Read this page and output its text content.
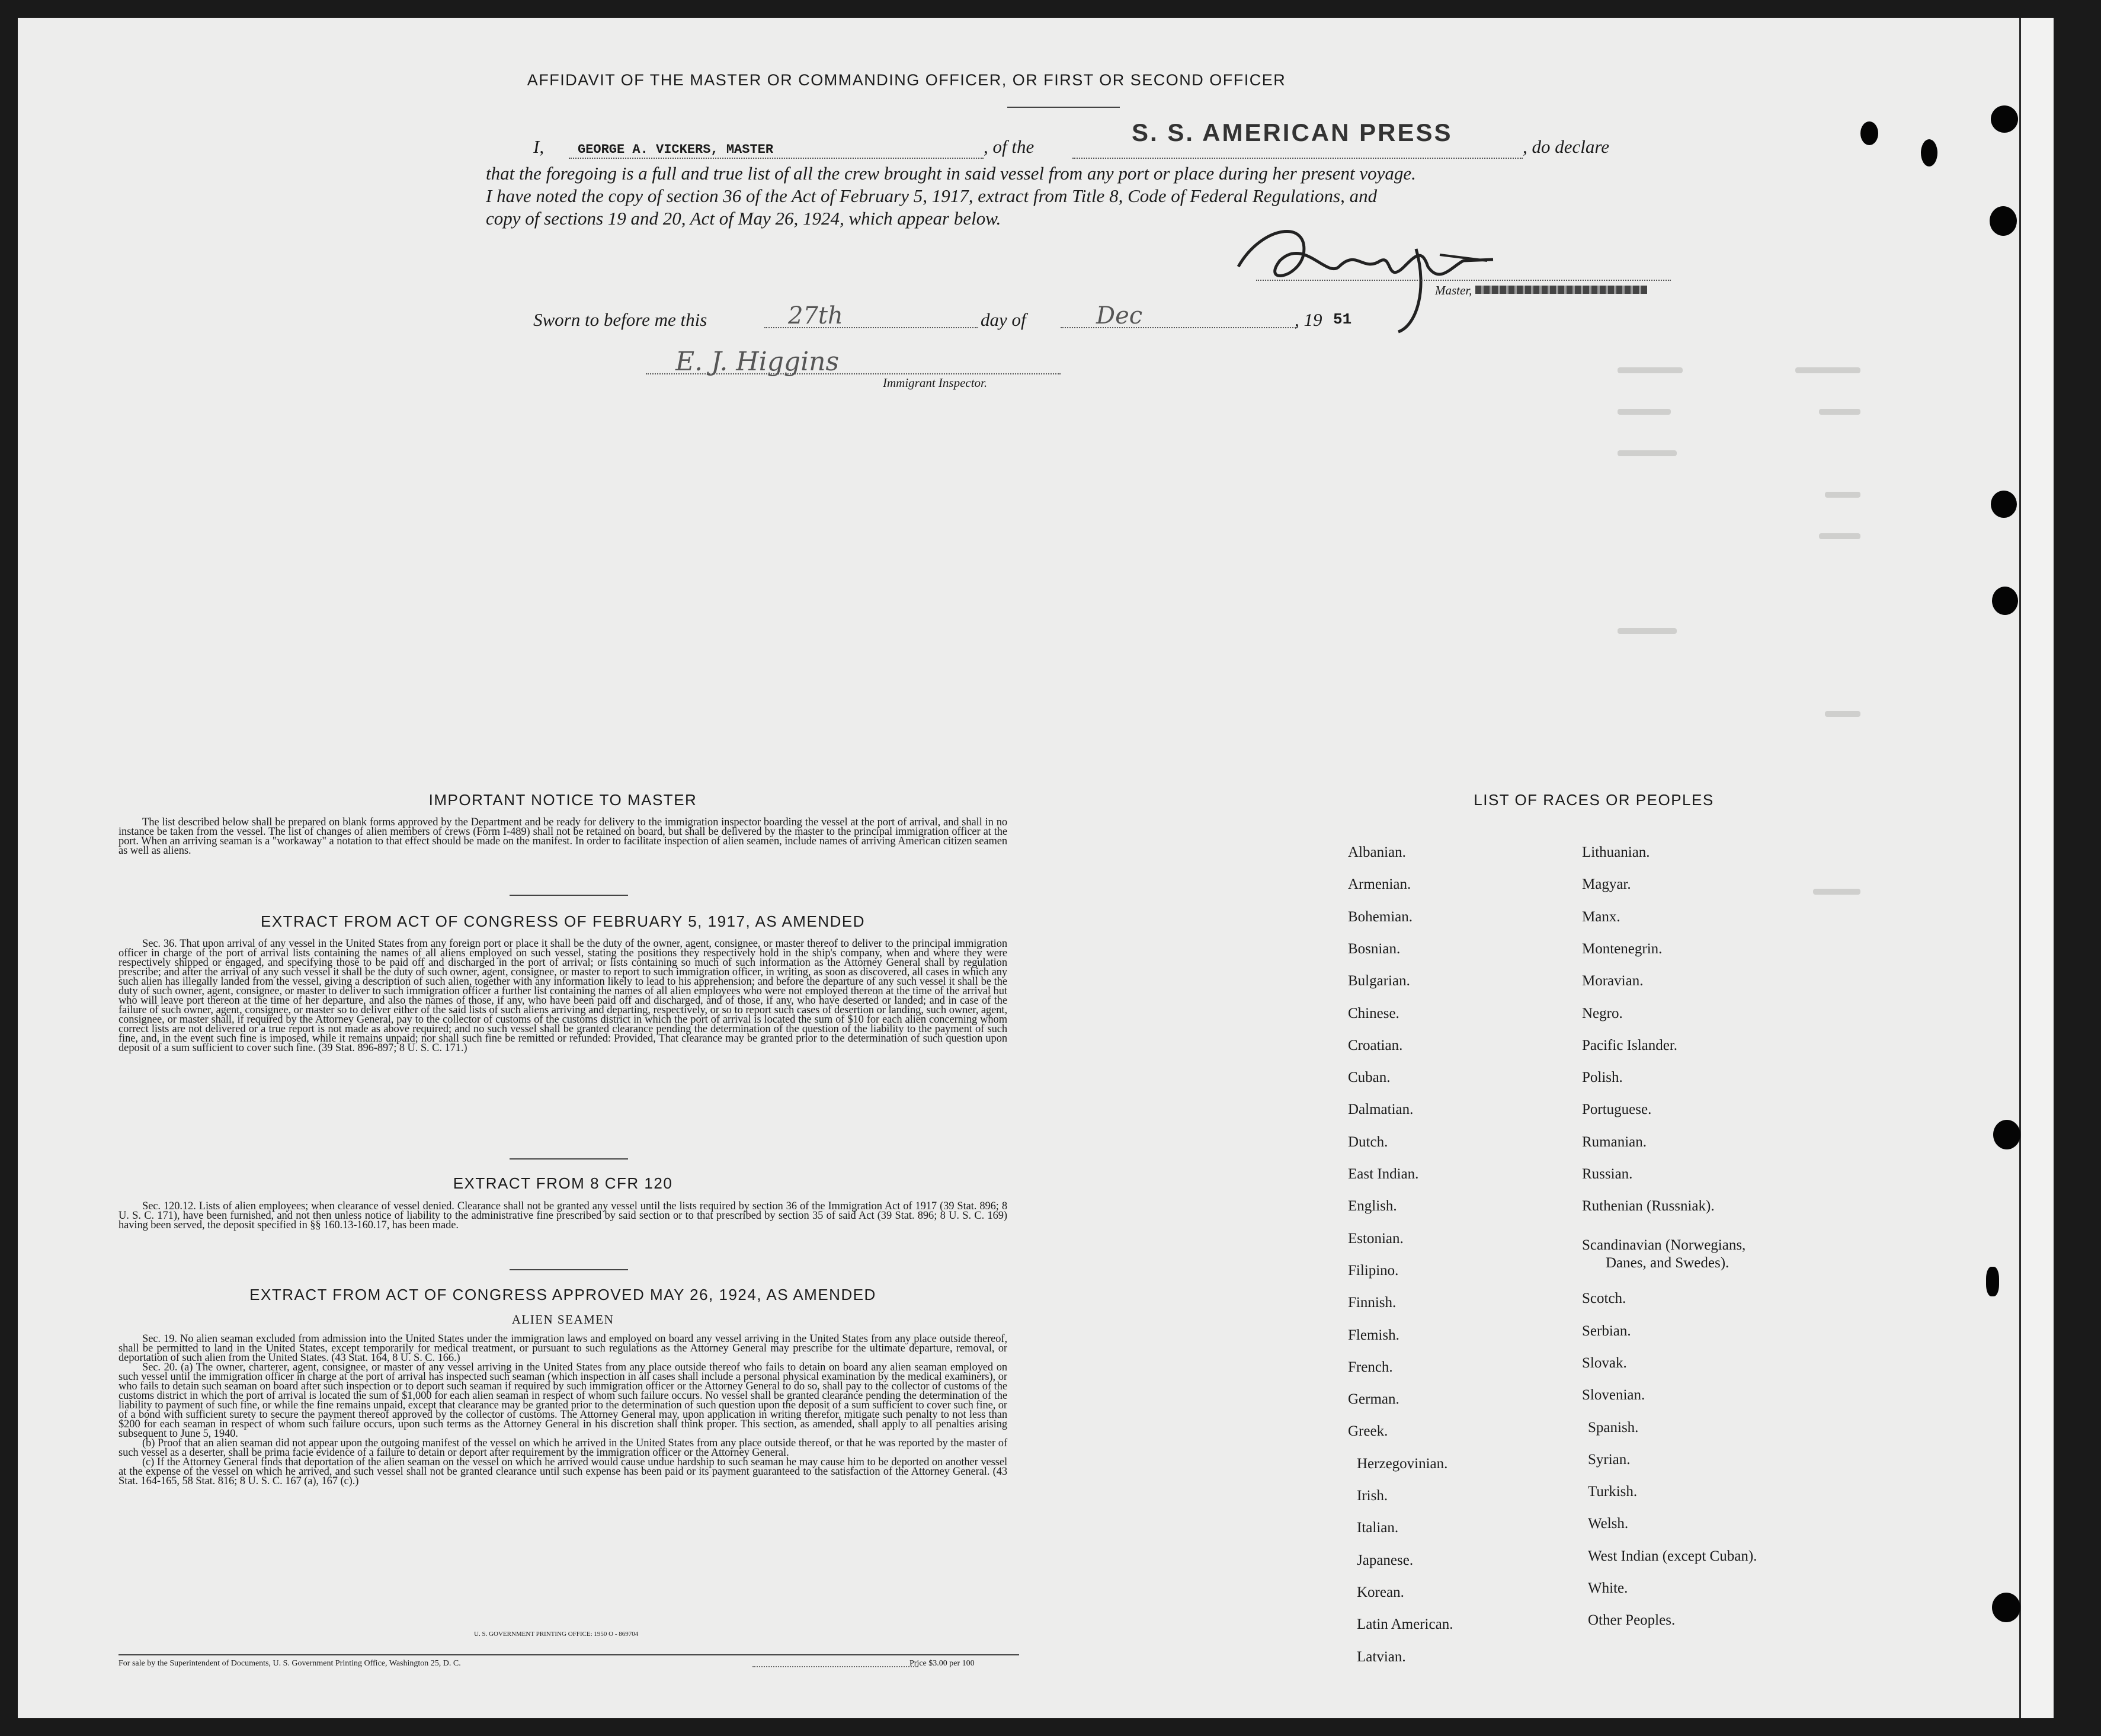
AFFIDAVIT OF THE MASTER OR COMMANDING OFFICER, OR FIRST OR SECOND OFFICER
I,	GEORGE A. VICKERS, MASTER	, of the
S. S. AMERICAN PRESS
, do declare
that the foregoing is a full and true list of all the crew brought in said vessel from any port or place during her present voyage.
I have noted the copy of section 36 of the Act of February 5, 1917, extract from Title 8, Code of Federal Regulations, and
copy of sections 19 and 20, Act of May 26, 1924, which appear below.
Master,
Sworn to before me this	27th	day of	Dec	, 19 51
E. J. Higgins
Immigrant Inspector.
IMPORTANT NOTICE TO MASTER

The list described below shall be prepared on blank forms approved by the Department and be ready for delivery to the immigration inspector boarding the vessel at the port of arrival, and shall in no instance be taken from the vessel. The list of changes of alien members of crews (Form I-489) shall not be retained on board, but shall be delivered by the master to the principal immigration officer at the port. When an arriving seaman is a "workaway" a notation to that effect should be made on the manifest. In order to facilitate inspection of alien seamen, include names of arriving American citizen seamen as well as aliens.

EXTRACT FROM ACT OF CONGRESS OF FEBRUARY 5, 1917, AS AMENDED

Sec. 36. That upon arrival of any vessel in the United States from any foreign port or place it shall be the duty of the owner, agent, consignee, or master thereof to deliver to the principal immigration officer in charge of the port of arrival lists containing the names of all aliens employed on such vessel, stating the positions they respectively hold in the ship's company, when and where they were respectively shipped or engaged, and specifying those to be paid off and discharged in the port of arrival; or lists containing so much of such information as the Attorney General shall by regulation prescribe; and after the arrival of any such vessel it shall be the duty of such owner, agent, consignee, or master to report to such immigration officer, in writing, as soon as discovered, all cases in which any such alien has illegally landed from the vessel, giving a description of such alien, together with any information likely to lead to his apprehension; and before the departure of any such vessel it shall be the duty of such owner, agent, consignee, or master to deliver to such immigration officer a further list containing the names of all alien employees who were not employed thereon at the time of the arrival but who will leave port thereon at the time of her departure, and also the names of those, if any, who have been paid off and discharged, and of those, if any, who have deserted or landed; and in case of the failure of such owner, agent, consignee, or master so to deliver either of the said lists of such aliens arriving and departing, respectively, or so to report such cases of desertion or landing, such owner, agent, consignee, or master shall, if required by the Attorney General, pay to the collector of customs of the customs district in which the port of arrival is located the sum of $10 for each alien concerning whom correct lists are not delivered or a true report is not made as above required; and no such vessel shall be granted clearance pending the determination of the question of the liability to the payment of such fine, and, in the event such fine is imposed, while it remains unpaid; nor shall such fine be remitted or refunded: Provided, That clearance may be granted prior to the determination of such question upon deposit of a sum sufficient to cover such fine. (39 Stat. 896-897; 8 U. S. C. 171.)

EXTRACT FROM 8 CFR 120

Sec. 120.12. Lists of alien employees; when clearance of vessel denied. Clearance shall not be granted any vessel until the lists required by section 36 of the Immigration Act of 1917 (39 Stat. 896; 8 U. S. C. 171), have been furnished, and not then unless notice of liability to the administrative fine prescribed by said section or to that prescribed by section 35 of said Act (39 Stat. 896; 8 U. S. C. 169) having been served, the deposit specified in §§ 160.13-160.17, has been made.

EXTRACT FROM ACT OF CONGRESS APPROVED MAY 26, 1924, AS AMENDED
ALIEN SEAMEN

Sec. 19. No alien seaman excluded from admission into the United States under the immigration laws and employed on board any vessel arriving in the United States from any place outside thereof, shall be permitted to land in the United States, except temporarily for medical treatment, or pursuant to such regulations as the Attorney General may prescribe for the ultimate departure, removal, or deportation of such alien from the United States. (43 Stat. 164, 8 U. S. C. 166.)

Sec. 20. (a) The owner, charterer, agent, consignee, or master of any vessel arriving in the United States from any place outside thereof who fails to detain on board any alien seaman employed on such vessel until the immigration officer in charge at the port of arrival has inspected such seaman (which inspection in all cases shall include a personal physical examination by the medical examiners), or who fails to detain such seaman on board after such inspection or to deport such seaman if required by such immigration officer or the Attorney General to do so, shall pay to the collector of customs of the customs district in which the port of arrival is located the sum of $1,000 for each alien seaman in respect of whom such failure occurs. No vessel shall be granted clearance pending the determination of the liability to payment of such fine, or while the fine remains unpaid, except that clearance may be granted prior to the determination of such question upon the deposit of a sum sufficient to cover such fine, or of a bond with sufficient surety to secure the payment thereof approved by the collector of customs. The Attorney General may, upon application in writing therefor, mitigate such penalty to not less than $200 for each seaman in respect of whom such failure occurs, upon such terms as the Attorney General in his discretion shall think proper. This section, as amended, shall apply to all penalties arising subsequent to June 5, 1940.

(b) Proof that an alien seaman did not appear upon the outgoing manifest of the vessel on which he arrived in the United States from any place outside thereof, or that he was reported by the master of such vessel as a deserter, shall be prima facie evidence of a failure to detain or deport after requirement by the immigration officer or the Attorney General.

(c) If the Attorney General finds that deportation of the alien seaman on the vessel on which he arrived would cause undue hardship to such seaman he may cause him to be deported on another vessel at the expense of the vessel on which he arrived, and such vessel shall not be granted clearance until such expense has been paid or its payment guaranteed to the satisfaction of the Attorney General. (43 Stat. 164-165, 58 Stat. 816; 8 U. S. C. 167 (a), 167 (c).)

U. S. GOVERNMENT PRINTING OFFICE: 1950 O - 869704
For sale by the Superintendent of Documents, U. S. Government Printing Office, Washington 25, D. C.	Price $3.00 per 100
LIST OF RACES OR PEOPLES
Albanian.
Armenian.
Bohemian.
Bosnian.
Bulgarian.
Chinese.
Croatian.
Cuban.
Dalmatian.
Dutch.
East Indian.
English.
Estonian.
Filipino.
Finnish.
Flemish.
French.
German.
Greek.
Herzegovinian.
Irish.
Italian.
Japanese.
Korean.
Latin American.
Latvian.
Lithuanian.
Magyar.
Manx.
Montenegrin.
Moravian.
Negro.
Pacific Islander.
Polish.
Portuguese.
Rumanian.
Russian.
Ruthenian (Russniak).
Scandinavian (Norwegians,
Danes, and Swedes).
Scotch.
Serbian.
Slovak.
Slovenian.
Spanish.
Syrian.
Turkish.
Welsh.
West Indian (except Cuban).
White.
Other Peoples.
